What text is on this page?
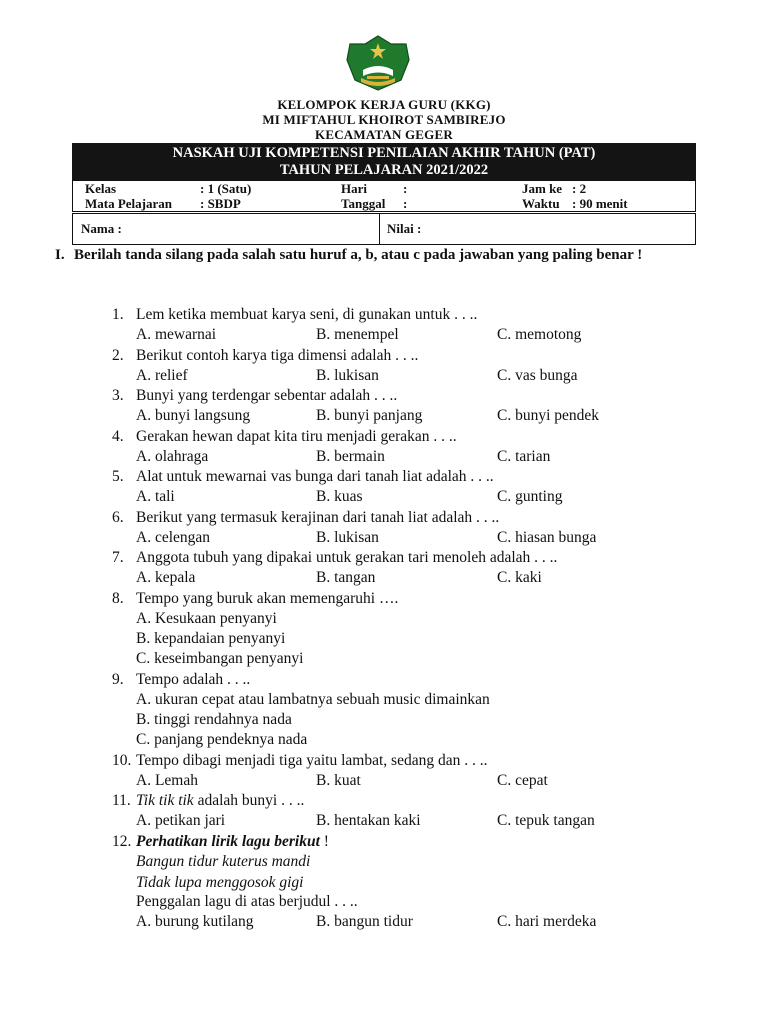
KELOMPOK KERJA GURU (KKG)
MI MIFTAHUL KHOIROT SAMBIREJO
KECAMATAN GEGER
NASKAH UJI KOMPETENSI PENILAIAN AKHIR TAHUN (PAT)
TAHUN PELAJARAN 2021/2022
Kelas	: 1 (Satu)	Hari	:	Jam ke : 2
Mata Pelajaran : SBDP	Tanggal :	Waktu : 90 menit
Nama :	Nilai :
I. Berilah tanda silang pada salah satu huruf a, b, atau c pada jawaban yang paling benar !
1. Lem ketika membuat karya seni, di gunakan untuk . . ..
A. mewarnai	B. menempel	C. memotong
2. Berikut contoh karya tiga dimensi adalah . . ..
A. relief	B. lukisan	C. vas bunga
3. Bunyi yang terdengar sebentar adalah . . ..
A. bunyi langsung	B. bunyi panjang	C. bunyi pendek
4. Gerakan hewan dapat kita tiru menjadi gerakan . . ..
A. olahraga	B. bermain	C. tarian
5. Alat untuk mewarnai vas bunga dari tanah liat adalah . . ..
A. tali	B. kuas	C. gunting
6. Berikut yang termasuk kerajinan dari tanah liat adalah . . ..
A. celengan	B. lukisan	C. hiasan bunga
7. Anggota tubuh yang dipakai untuk gerakan tari menoleh adalah . . ..
A. kepala	B. tangan	C. kaki
8. Tempo yang buruk akan memengaruhi ….
A. Kesukaan penyanyi
B. kepandaian penyanyi
C. keseimbangan penyanyi
9. Tempo adalah . . ..
A. ukuran cepat atau lambatnya sebuah music dimainkan
B. tinggi rendahnya nada
C. panjang pendeknya nada
10. Tempo dibagi menjadi tiga yaitu lambat, sedang dan . . ..
A. Lemah	B. kuat	C. cepat
11. Tik tik tik adalah bunyi . . ..
A. petikan jari	B. hentakan kaki	C. tepuk tangan
12. Perhatikan lirik lagu berikut !
Bangun tidur kuterus mandi
Tidak lupa menggosok gigi
Penggalan lagu di atas berjudul . . ..
A. burung kutilang	B. bangun tidur	C. hari merdeka
